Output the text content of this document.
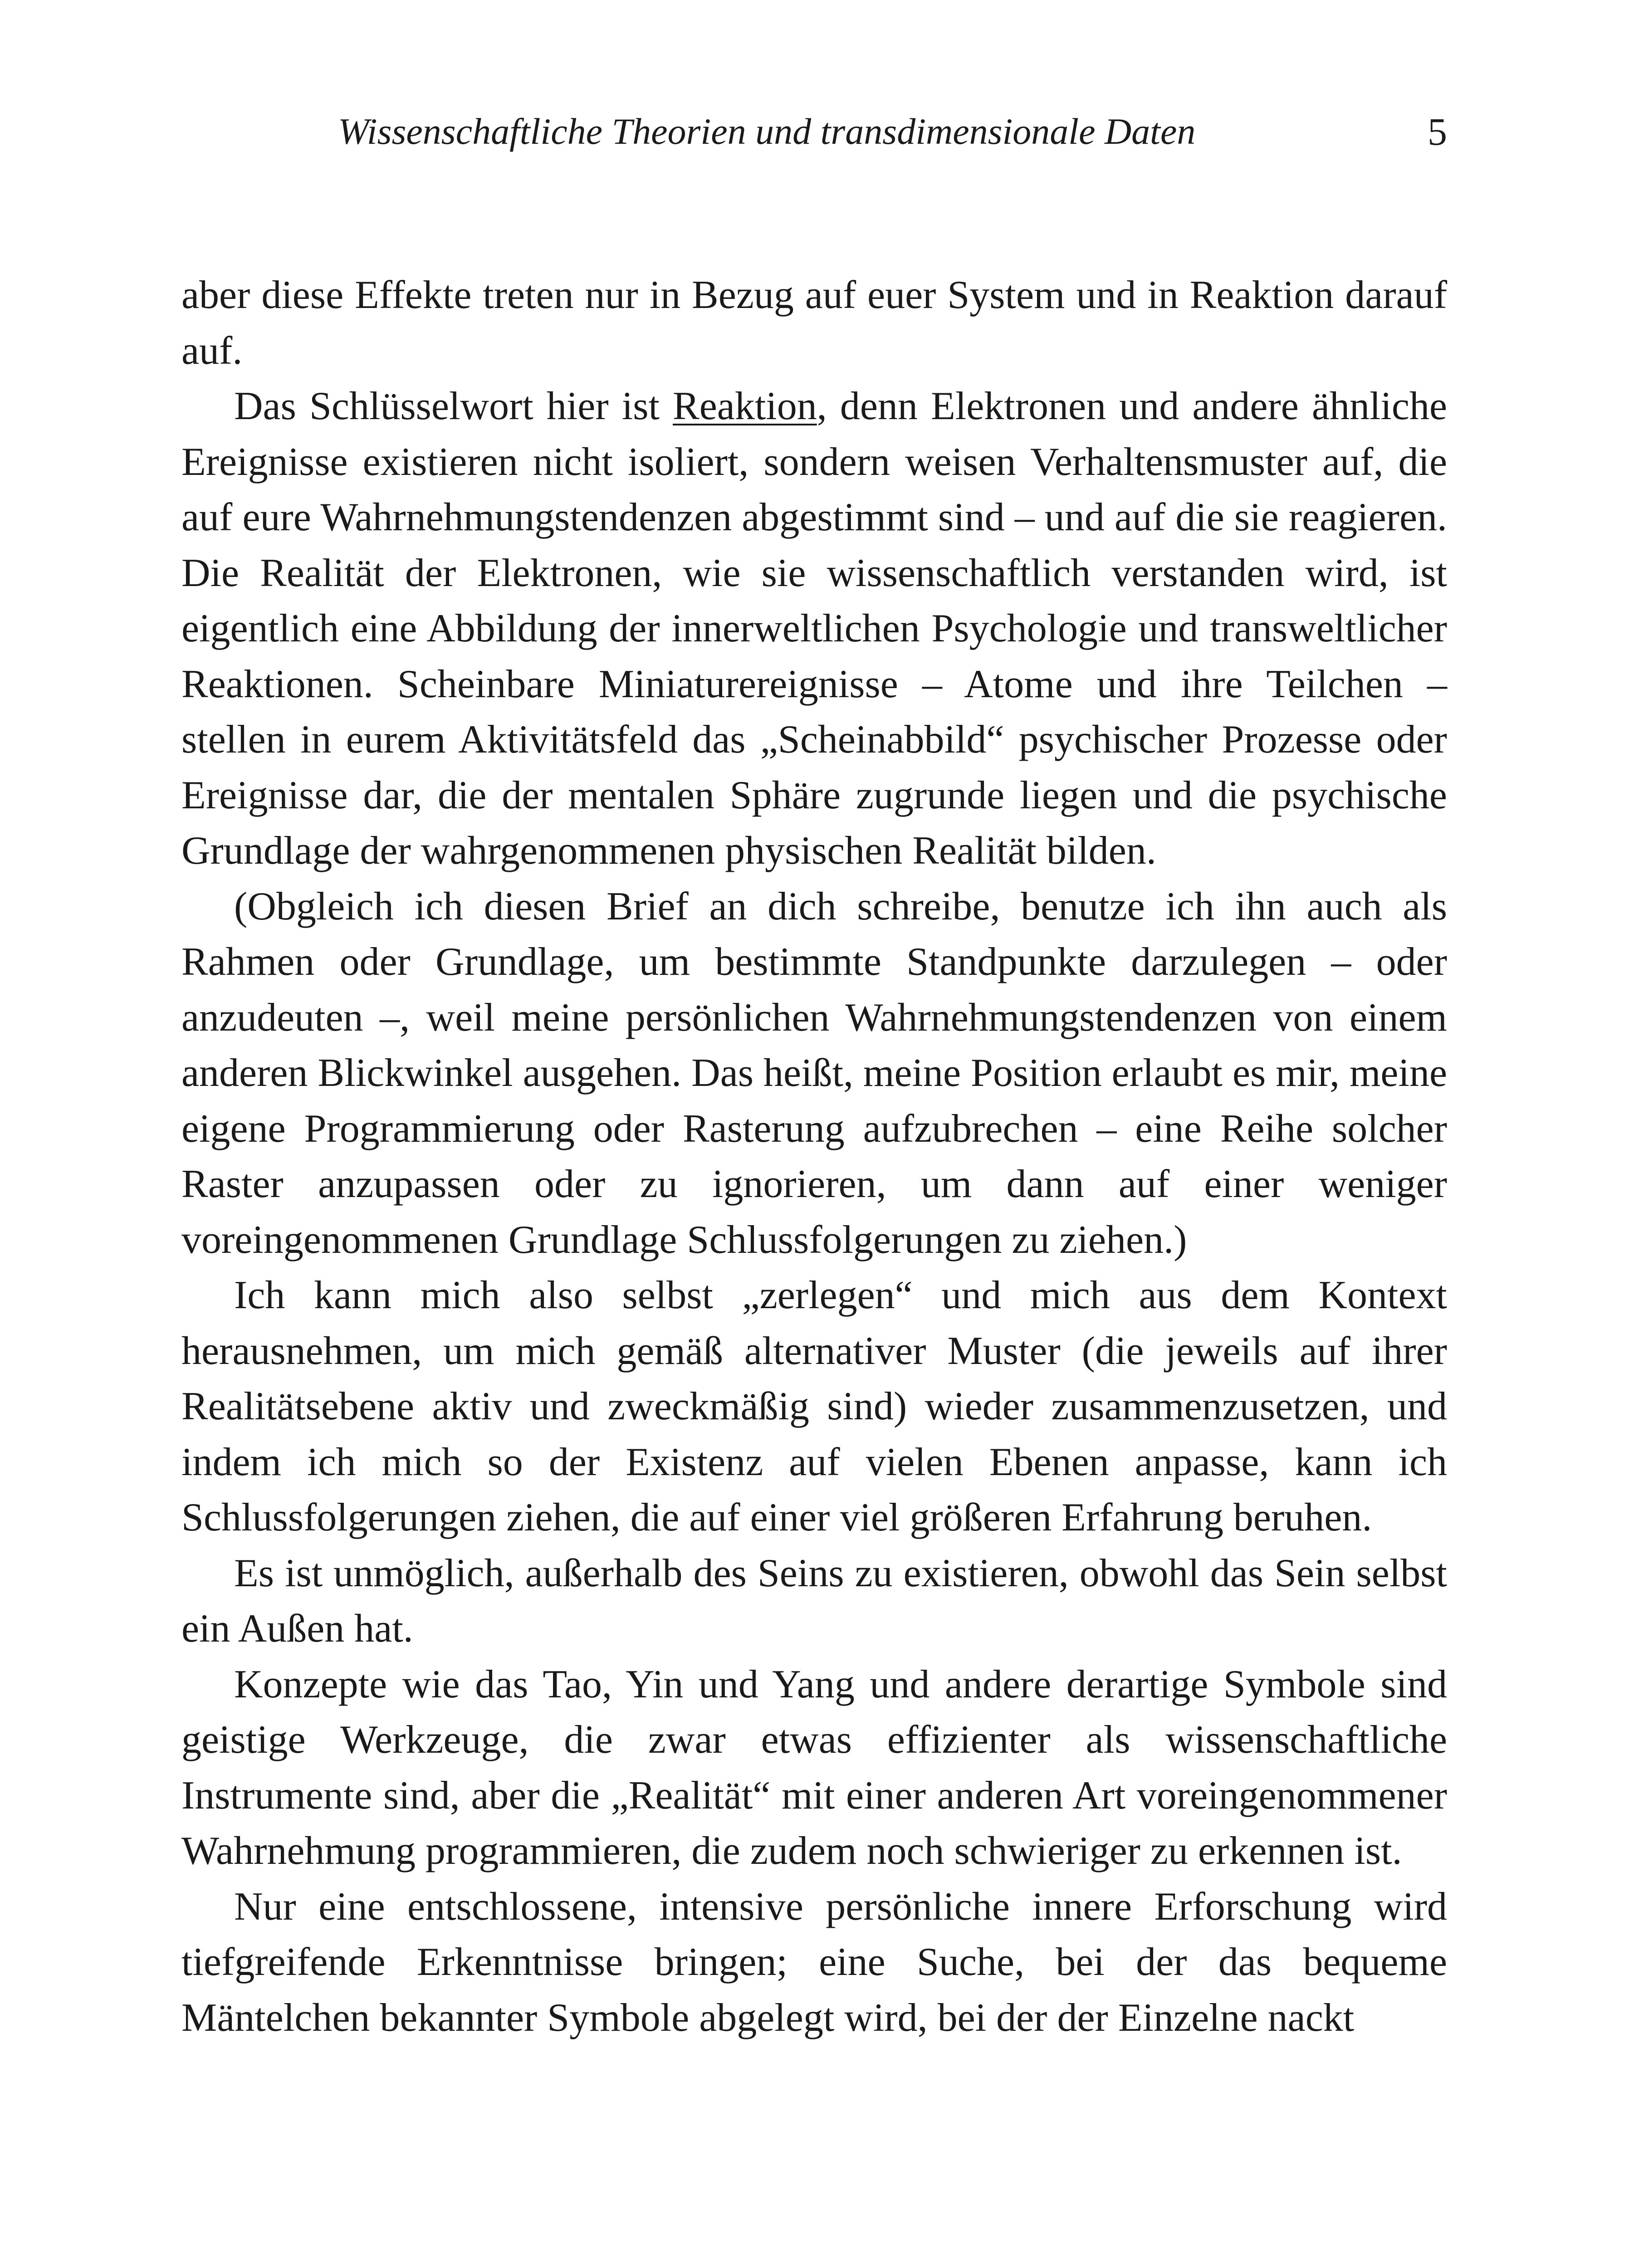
Wissenschaftliche Theorien und transdimensionale Daten	5

aber diese Effekte treten nur in Bezug auf euer System und in Reaktion darauf auf.

Das Schlüsselwort hier ist Reaktion, denn Elektronen und andere ähnliche Ereignisse existieren nicht isoliert, sondern weisen Verhaltensmuster auf, die auf eure Wahrnehmungstendenzen abgestimmt sind – und auf die sie reagieren. Die Realität der Elektronen, wie sie wissenschaftlich verstanden wird, ist eigentlich eine Abbildung der innerweltlichen Psychologie und transweltlicher Reaktionen. Scheinbare Miniaturereignisse – Atome und ihre Teilchen – stellen in eurem Aktivitätsfeld das „Scheinabbild“ psychischer Prozesse oder Ereignisse dar, die der mentalen Sphäre zugrunde liegen und die psychische Grundlage der wahrgenommenen physischen Realität bilden.

(Obgleich ich diesen Brief an dich schreibe, benutze ich ihn auch als Rahmen oder Grundlage, um bestimmte Standpunkte darzulegen – oder anzudeuten –, weil meine persönlichen Wahrnehmungstendenzen von einem anderen Blickwinkel ausgehen. Das heißt, meine Position erlaubt es mir, meine eigene Programmierung oder Rasterung aufzubrechen – eine Reihe solcher Raster anzupassen oder zu ignorieren, um dann auf einer weniger voreingenommenen Grundlage Schlussfolgerungen zu ziehen.)

Ich kann mich also selbst „zerlegen“ und mich aus dem Kontext herausnehmen, um mich gemäß alternativer Muster (die jeweils auf ihrer Realitätsebene aktiv und zweckmäßig sind) wieder zusammenzusetzen, und indem ich mich so der Existenz auf vielen Ebenen anpasse, kann ich Schlussfolgerungen ziehen, die auf einer viel größeren Erfahrung beruhen.

Es ist unmöglich, außerhalb des Seins zu existieren, obwohl das Sein selbst ein Außen hat.

Konzepte wie das Tao, Yin und Yang und andere derartige Symbole sind geistige Werkzeuge, die zwar etwas effizienter als wissenschaftliche Instrumente sind, aber die „Realität“ mit einer anderen Art voreingenommener Wahrnehmung programmieren, die zudem noch schwieriger zu erkennen ist.

Nur eine entschlossene, intensive persönliche innere Erforschung wird tiefgreifende Erkenntnisse bringen; eine Suche, bei der das bequeme Mäntelchen bekannter Symbole abgelegt wird, bei der der Einzelne nackt
